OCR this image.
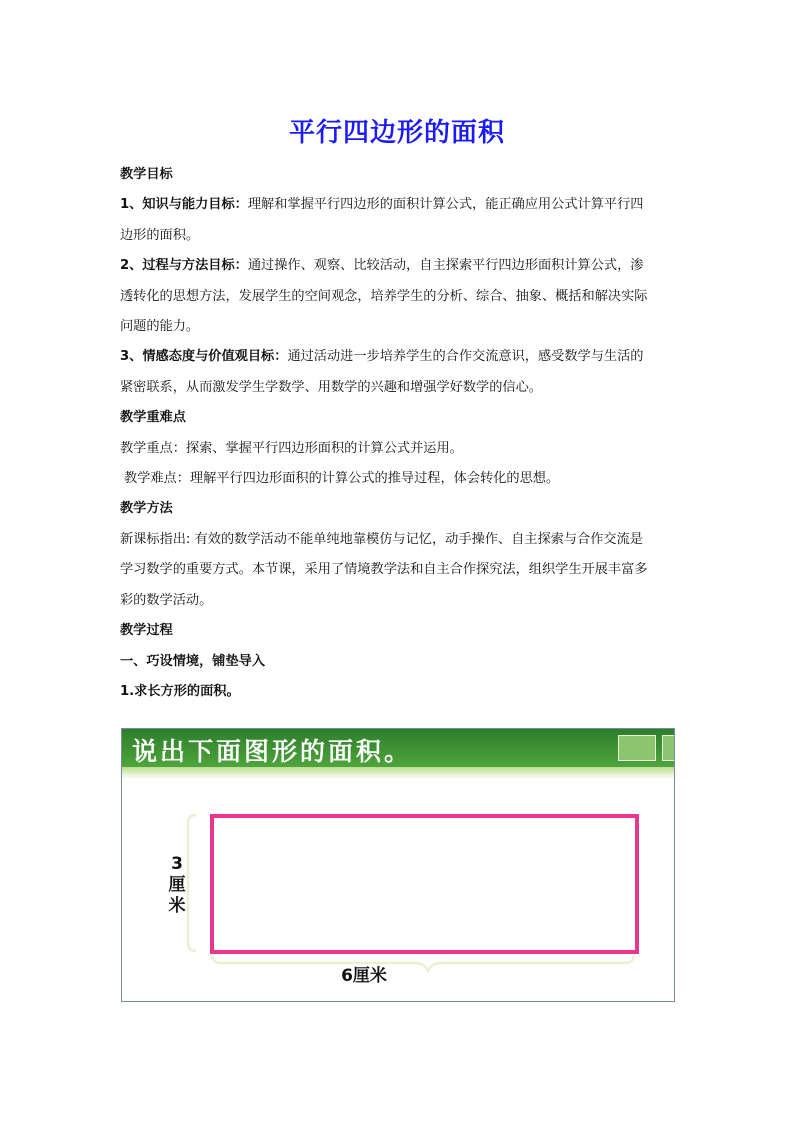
平行四边形的面积
教学目标
1、知识与能力目标：理解和掌握平行四边形的面积计算公式，能正确应用公式计算平行四
边形的面积。
2、过程与方法目标：通过操作、观察、比较活动，自主探索平行四边形面积计算公式，渗
透转化的思想方法，发展学生的空间观念，培养学生的分析、综合、抽象、概括和解决实际
问题的能力。
3、情感态度与价值观目标：通过活动进一步培养学生的合作交流意识，感受数学与生活的
紧密联系，从而激发学生学数学、用数学的兴趣和增强学好数学的信心。
教学重难点
教学重点：探索、掌握平行四边形面积的计算公式并运用。
教学难点：理解平行四边形面积的计算公式的推导过程，体会转化的思想。
教学方法
新课标指出: 有效的数学活动不能单纯地靠模仿与记忆，动手操作、自主探索与合作交流是
学习数学的重要方式。本节课，采用了情境教学法和自主合作探究法，组织学生开展丰富多
彩的数学活动。
教学过程
一、巧设情境，铺垫导入
1.求长方形的面积。
说出下面图形的面积。
3
厘
米
6厘米
